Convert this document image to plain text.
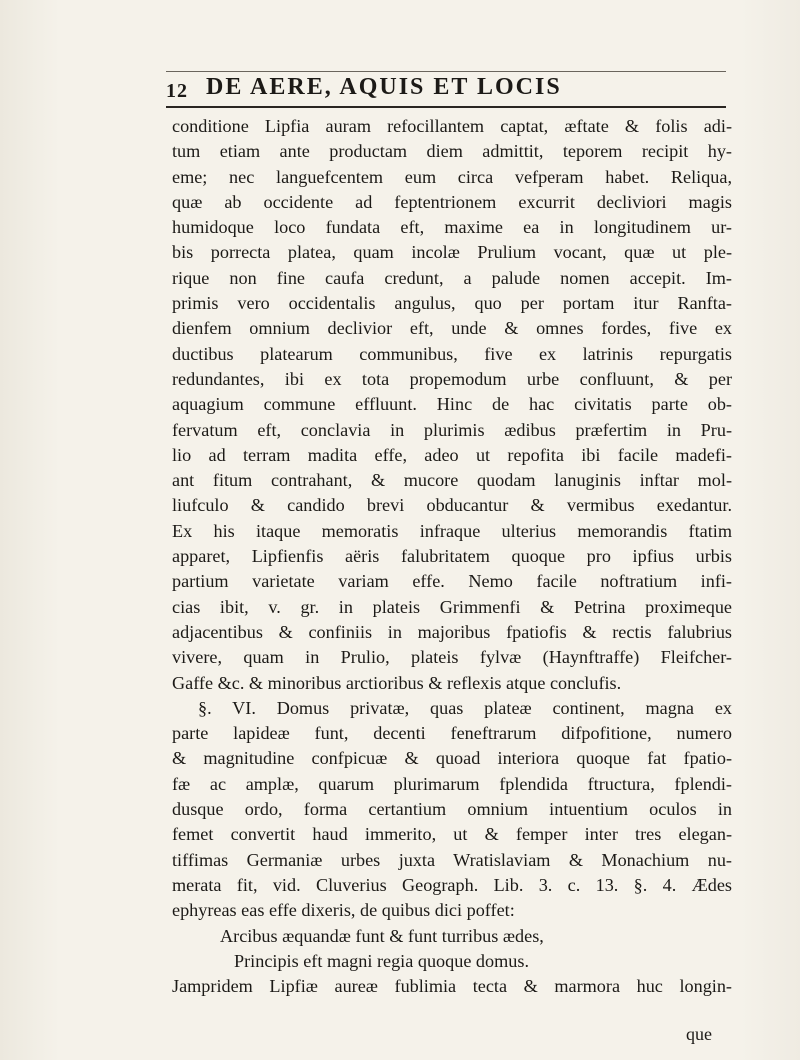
12 DE AERE, AQUIS ET LOCIS
conditione Lipfia auram refocillantem captat, æftate & folis adi-
tum etiam ante productam diem admittit, teporem recipit hy-
eme; nec languefcentem eum circa vefperam habet. Reliqua,
quæ ab occidente ad feptentrionem excurrit decliviori magis
humidoque loco fundata eft, maxime ea in longitudinem ur-
bis porrecta platea, quam incolæ Prulium vocant, quæ ut ple-
rique non fine caufa credunt, a palude nomen accepit. Im-
primis vero occidentalis angulus, quo per portam itur Ranfta-
dienfem omnium declivior eft, unde & omnes fordes, five ex
ductibus platearum communibus, five ex latrinis repurgatis
redundantes, ibi ex tota propemodum urbe confluunt, & per
aquagium commune effluunt. Hinc de hac civitatis parte ob-
fervatum eft, conclavia in plurimis ædibus præfertim in Pru-
lio ad terram madita effe, adeo ut repofita ibi facile madefi-
ant fitum contrahant, & mucore quodam lanuginis inftar mol-
liufculo & candido brevi obducantur & vermibus exedantur.
Ex his itaque memoratis infraque ulterius memorandis ftatim
apparet, Lipfienfis aëris falubritatem quoque pro ipfius urbis
partium varietate variam effe. Nemo facile noftratium infi-
cias ibit, v. gr. in plateis Grimmenfi & Petrina proximeque
adjacentibus & confiniis in majoribus fpatiofis & rectis falubrius
vivere, quam in Prulio, plateis fylvæ (Haynftraffe) Fleifcher-
Gaffe &c. & minoribus arctioribus & reflexis atque conclufis.
§. VI. Domus privatæ, quas plateæ continent, magna ex
parte lapideæ funt, decenti feneftrarum difpofitione, numero
& magnitudine confpicuæ & quoad interiora quoque fat fpatio-
fæ ac amplæ, quarum plurimarum fplendida ftructura, fplendi-
dusque ordo, forma certantium omnium intuentium oculos in
femet convertit haud immerito, ut & femper inter tres elegan-
tiffimas Germaniæ urbes juxta Wratislaviam & Monachium nu-
merata fit, vid. Cluverius Geograph. Lib. 3. c. 13. §. 4. Ædes
ephyreas eas effe dixeris, de quibus dici poffet:
Arcibus æquandæ funt & funt turribus ædes,
Principis eft magni regia quoque domus.
Jampridem Lipfiæ aureæ fublimia tecta & marmora huc longin-
que
